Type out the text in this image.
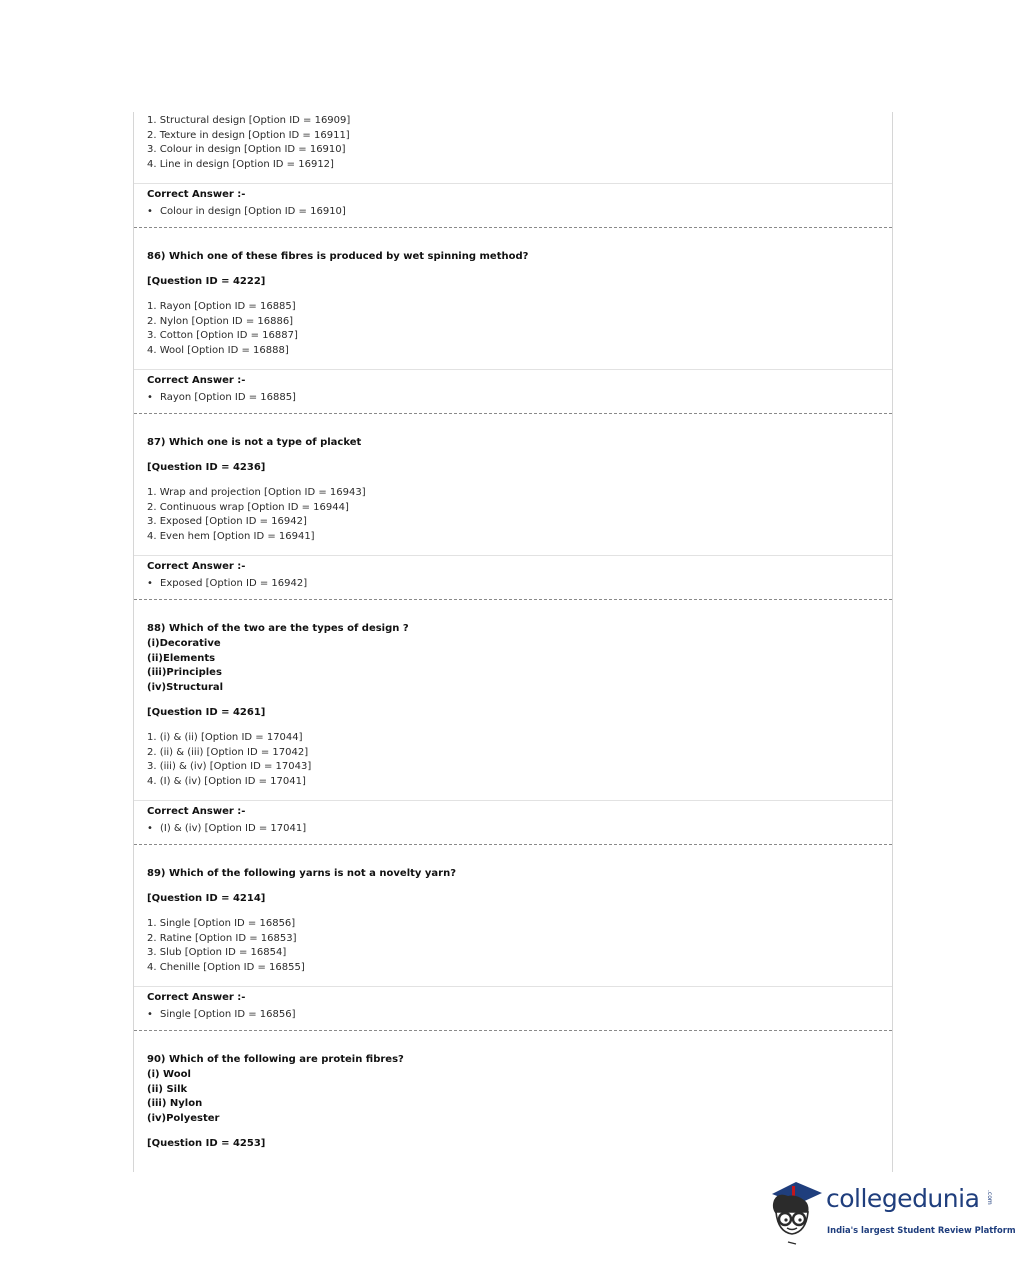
1. Structural design [Option ID = 16909]
2. Texture in design [Option ID = 16911]
3. Colour in design [Option ID = 16910]
4. Line in design [Option ID = 16912]
Correct Answer :-
• Colour in design [Option ID = 16910]
86) Which one of these fibres is produced by wet spinning method?
[Question ID = 4222]
1. Rayon [Option ID = 16885]
2. Nylon [Option ID = 16886]
3. Cotton [Option ID = 16887]
4. Wool [Option ID = 16888]
Correct Answer :-
• Rayon [Option ID = 16885]
87) Which one is not a type of placket
[Question ID = 4236]
1. Wrap and projection [Option ID = 16943]
2. Continuous wrap [Option ID = 16944]
3. Exposed [Option ID = 16942]
4. Even hem [Option ID = 16941]
Correct Answer :-
• Exposed [Option ID = 16942]
88) Which of the two are the types of design ?
(i)Decorative
(ii)Elements
(iii)Principles
(iv)Structural
[Question ID = 4261]
1. (i) & (ii) [Option ID = 17044]
2. (ii) & (iii) [Option ID = 17042]
3. (iii) & (iv) [Option ID = 17043]
4. (I) & (iv) [Option ID = 17041]
Correct Answer :-
• (I) & (iv) [Option ID = 17041]
89) Which of the following yarns is not a novelty yarn?
[Question ID = 4214]
1. Single [Option ID = 16856]
2. Ratine [Option ID = 16853]
3. Slub [Option ID = 16854]
4. Chenille [Option ID = 16855]
Correct Answer :-
• Single [Option ID = 16856]
90) Which of the following are protein fibres?
(i) Wool
(ii) Silk
(iii) Nylon
(iv)Polyester
[Question ID = 4253]
collegedunia .com
India's largest Student Review Platform
